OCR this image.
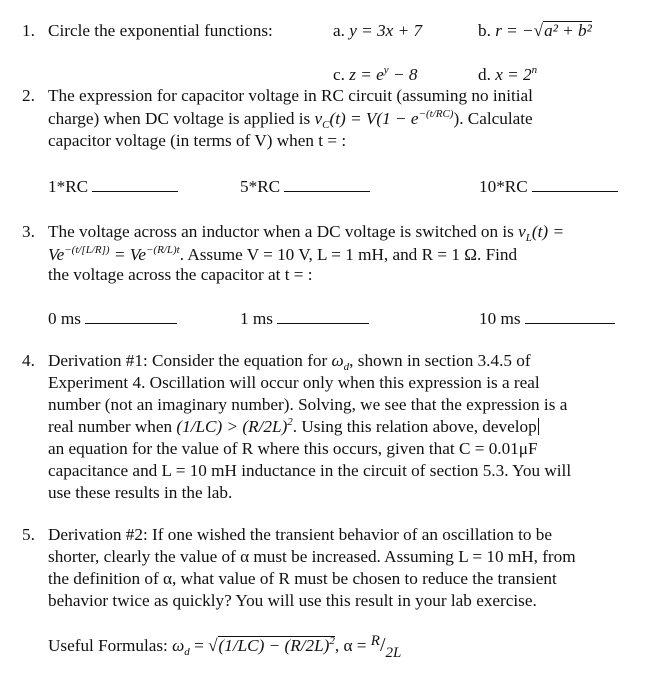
1. Circle the exponential functions:	a. y = 3x + 7	b. r = −√a² + b²
c. $z = e^y - 8$	d. $x = 2^n$
2. The expression for capacitor voltage in RC circuit (assuming no initial
charge) when DC voltage is applied is $v_C(t) = V(1 - e^{-(t/RC)})$. Calculate
capacitor voltage (in terms of V) when t = :
1*RC	5*RC	10*RC
3. The voltage across an inductor when a DC voltage is switched on is $v_L(t)$ =
$Ve^{-(t/[L/R])} = Ve^{-(R/L)t}$. Assume V = 10 V, L = 1 mH, and R = 1 Ω. Find
the voltage across the capacitor at t = :
0 ms	1 ms	10 ms
4. Derivation #1: Consider the equation for $\omega_d$, shown in section 3.4.5 of
Experiment 4. Oscillation will occur only when this expression is a real
number (not an imaginary number). Solving, we see that the expression is a
real number when $(1/LC) > (R/2L)^2$. Using this relation above, develop
an equation for the value of R where this occurs, given that C = 0.01μF
capacitance and L = 10 mH inductance in the circuit of section 5.3. You will
use these results in the lab.
5. Derivation #2: If one wished the transient behavior of an oscillation to be
shorter, clearly the value of α must be increased. Assuming L = 10 mH, from
the definition of α, what value of R must be chosen to reduce the transient
behavior twice as quickly? You will use this result in your lab exercise.
Useful Formulas: $\omega_d = √(1/LC) - (R/2L)^2$, α = R/2L
